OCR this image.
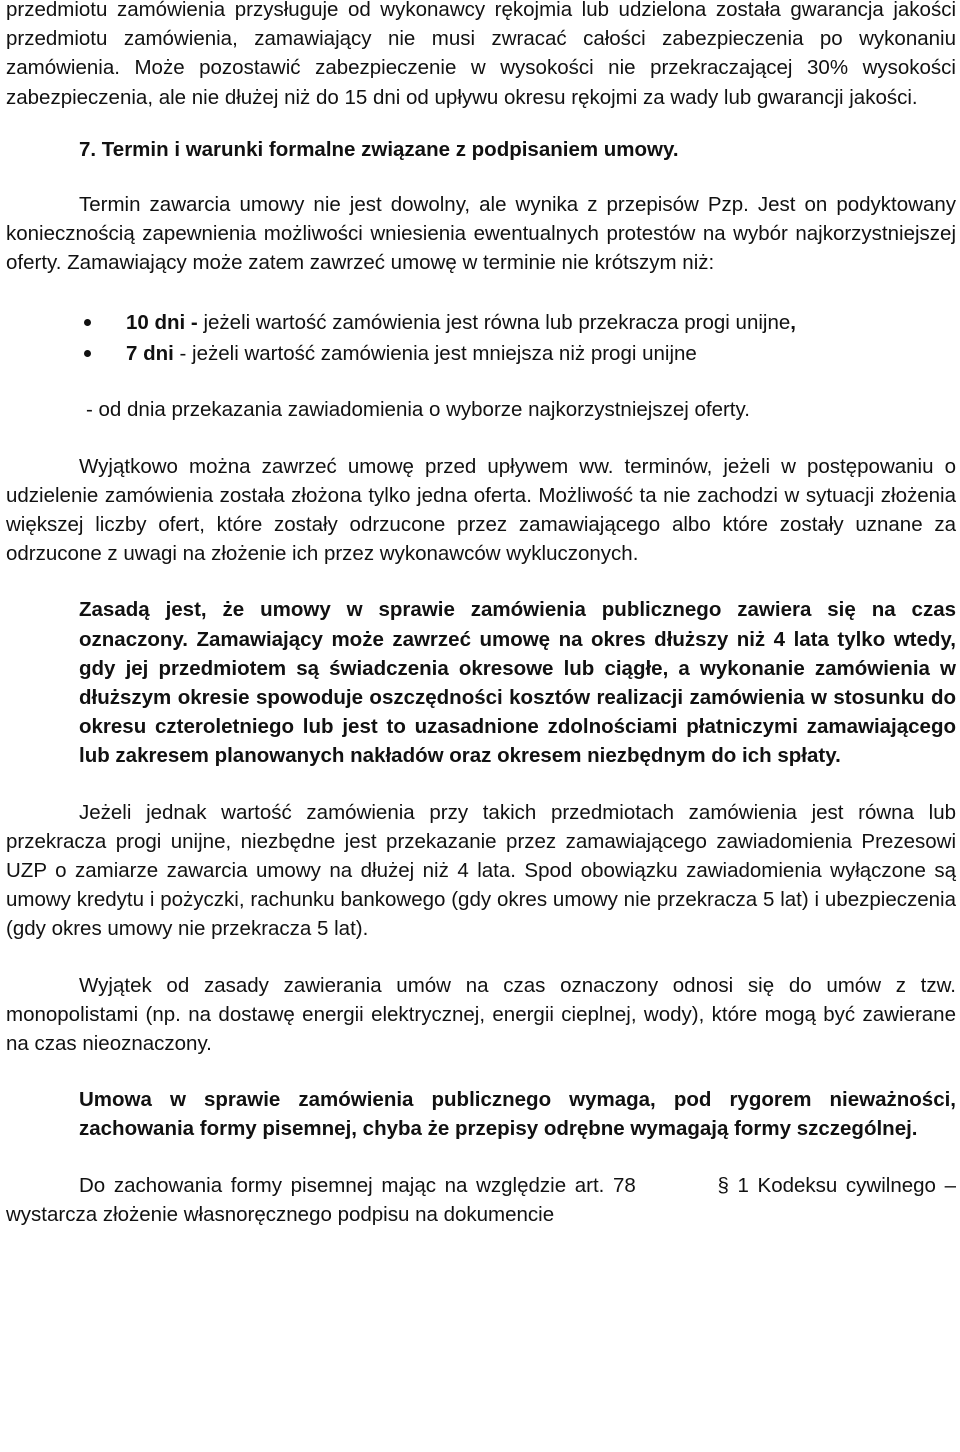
przedmiotu zamówienia przysługuje od wykonawcy rękojmia lub udzielona została gwarancja jakości przedmiotu zamówienia, zamawiający nie musi zwracać całości zabezpieczenia po wykonaniu zamówienia. Może pozostawić zabezpieczenie w wysokości nie przekraczającej 30% wysokości zabezpieczenia, ale nie dłużej niż do 15 dni od upływu okresu rękojmi za wady lub gwarancji jakości.

7. Termin i warunki formalne związane z podpisaniem umowy.

Termin zawarcia umowy nie jest dowolny, ale wynika z przepisów Pzp. Jest on podyktowany koniecznością zapewnienia możliwości wniesienia ewentualnych protestów na wybór najkorzystniejszej oferty. Zamawiający może zatem zawrzeć umowę w terminie nie krótszym niż:

10 dni - jeżeli wartość zamówienia jest równa lub przekracza progi unijne,
7 dni - jeżeli wartość zamówienia jest mniejsza niż progi unijne

- od dnia przekazania zawiadomienia o wyborze najkorzystniejszej oferty.

Wyjątkowo można zawrzeć umowę przed upływem ww. terminów, jeżeli w postępowaniu o udzielenie zamówienia została złożona tylko jedna oferta. Możliwość ta nie zachodzi w sytuacji złożenia większej liczby ofert, które zostały odrzucone przez zamawiającego albo które zostały uznane za odrzucone z uwagi na złożenie ich przez wykonawców wykluczonych.

Zasadą jest, że umowy w sprawie zamówienia publicznego zawiera się na czas oznaczony. Zamawiający może zawrzeć umowę na okres dłuższy niż 4 lata tylko wtedy, gdy jej przedmiotem są świadczenia okresowe lub ciągłe, a wykonanie zamówienia w dłuższym okresie spowoduje oszczędności kosztów realizacji zamówienia w stosunku do okresu czteroletniego lub jest to uzasadnione zdolnościami płatniczymi zamawiającego lub zakresem planowanych nakładów oraz okresem niezbędnym do ich spłaty.

Jeżeli jednak wartość zamówienia przy takich przedmiotach zamówienia jest równa lub przekracza progi unijne, niezbędne jest przekazanie przez zamawiającego zawiadomienia Prezesowi UZP o zamiarze zawarcia umowy na dłużej niż 4 lata. Spod obowiązku zawiadomienia wyłączone są umowy kredytu i pożyczki, rachunku bankowego (gdy okres umowy nie przekracza 5 lat) i ubezpieczenia (gdy okres umowy nie przekracza 5 lat).

Wyjątek od zasady zawierania umów na czas oznaczony odnosi się do umów z tzw. monopolistami (np. na dostawę energii elektrycznej, energii cieplnej, wody), które mogą być zawierane na czas nieoznaczony.

Umowa w sprawie zamówienia publicznego wymaga, pod rygorem nieważności, zachowania formy pisemnej, chyba że przepisy odrębne wymagają formy szczególnej.

Do zachowania formy pisemnej mając na względzie art. 78	§ 1 Kodeksu cywilnego – wystarcza złożenie własnoręcznego podpisu na dokumencie
